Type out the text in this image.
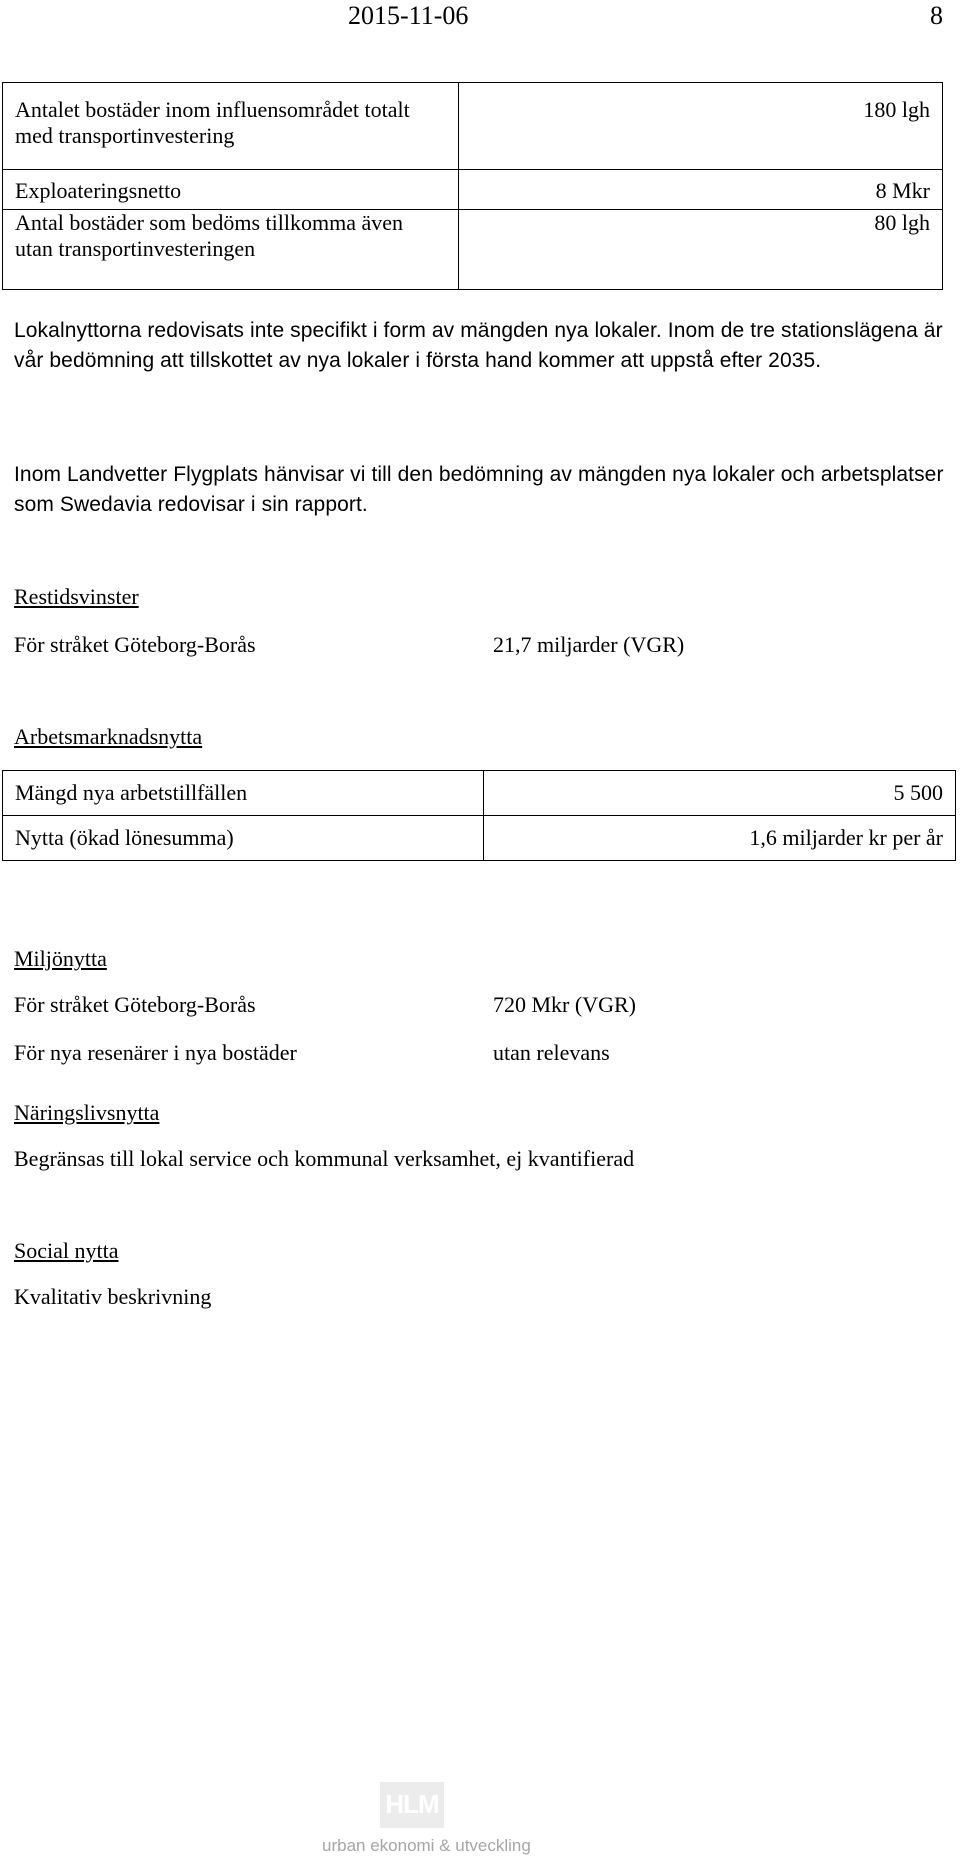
2015-11-06	8
Antalet bostäder inom influensområdet totalt med transportinvestering	180 lgh
Exploateringsnetto	8 Mkr
Antal bostäder som bedöms tillkomma även utan transportinvesteringen	80 lgh
Lokalnyttorna redovisats inte specifikt i form av mängden nya lokaler. Inom de tre stationslägena är vår bedömning att tillskottet av nya lokaler i första hand kommer att uppstå efter 2035.
Inom Landvetter Flygplats hänvisar vi till den bedömning av mängden nya lokaler och arbetsplatser som Swedavia redovisar i sin rapport.
Restidsvinster
För stråket Göteborg-Borås	21,7 miljarder (VGR)
Arbetsmarknadsnytta
Mängd nya arbetstillfällen	5 500
Nytta (ökad lönesumma)	1,6 miljarder kr per år
Miljönytta
För stråket Göteborg-Borås	720 Mkr (VGR)
För nya resenärer i nya bostäder	utan relevans
Näringslivsnytta
Begränsas till lokal service och kommunal verksamhet, ej kvantifierad
Social nytta
Kvalitativ beskrivning
HLM
urban ekonomi & utveckling
